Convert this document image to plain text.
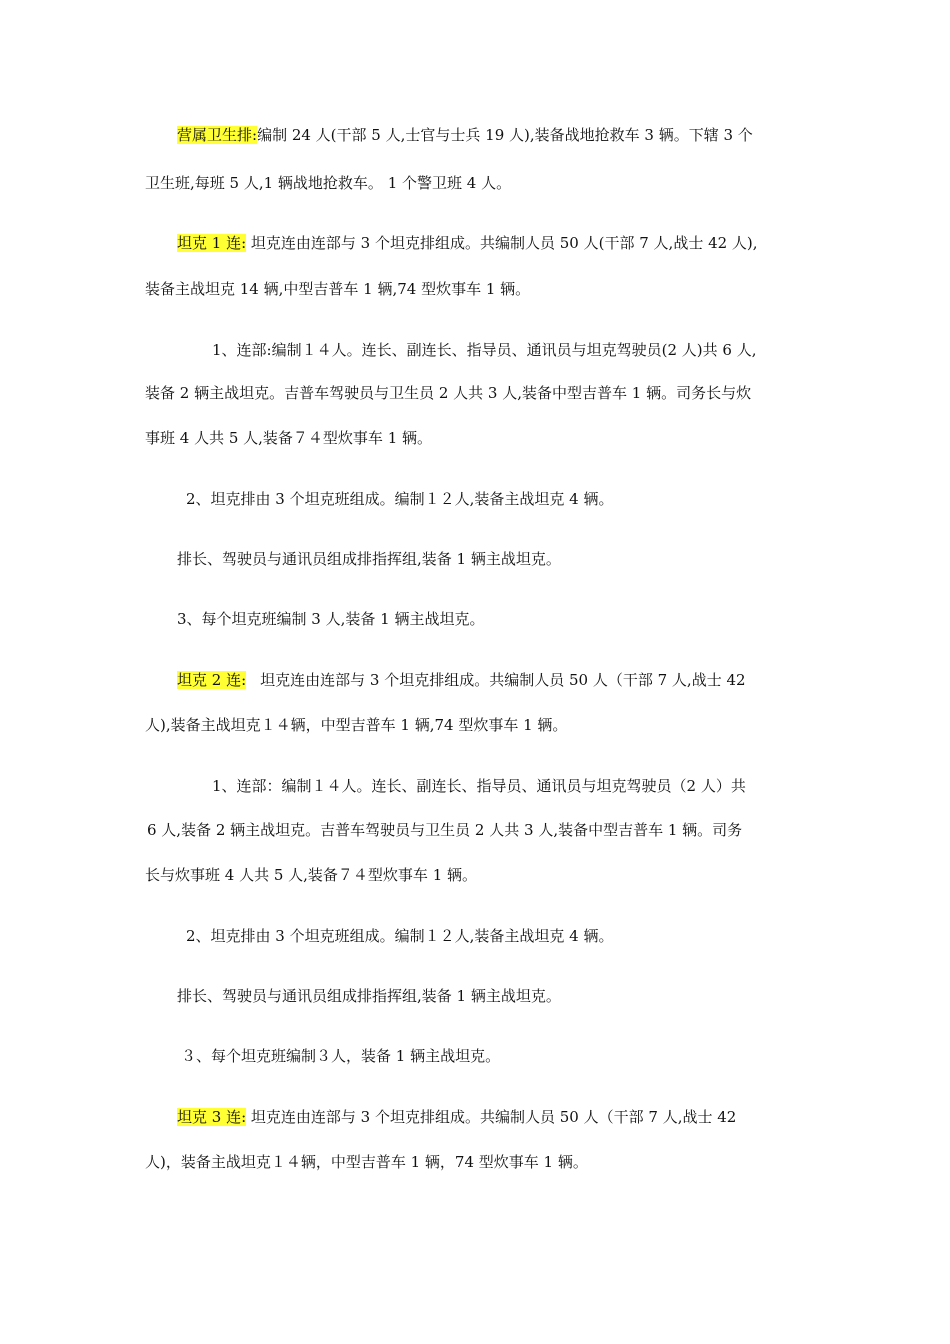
营属卫生排:编制 24 人(干部 5 人,士官与士兵 19 人),装备战地抢救车 3 辆。下辖 3 个
卫生班,每班 5 人,1 辆战地抢救车。 1 个警卫班 4 人。
坦克 1 连: 坦克连由连部与 3 个坦克排组成。共编制人员 50 人(干部 7 人,战士 42 人),
装备主战坦克 14 辆,中型吉普车 1 辆,74 型炊事车 1 辆。
1、连部:编制１４人。连长、副连长、指导员、通讯员与坦克驾驶员(2 人)共 6 人,
装备 2 辆主战坦克。吉普车驾驶员与卫生员 2 人共 3 人,装备中型吉普车 1 辆。司务长与炊
事班 4 人共 5 人,装备７４型炊事车 1 辆。
2、坦克排由 3 个坦克班组成。编制１２人,装备主战坦克 4 辆。
排长、驾驶员与通讯员组成排指挥组,装备 1 辆主战坦克。
3、每个坦克班编制 3 人,装备 1 辆主战坦克。
坦克 2 连: 坦克连由连部与 3 个坦克排组成。共编制人员 50 人（干部 7 人,战士 42
人),装备主战坦克１４辆，中型吉普车 1 辆,74 型炊事车 1 辆。
1、连部：编制１４人。连长、副连长、指导员、通讯员与坦克驾驶员（2 人）共
6 人,装备 2 辆主战坦克。吉普车驾驶员与卫生员 2 人共 3 人,装备中型吉普车 1 辆。司务
长与炊事班 4 人共 5 人,装备７４型炊事车 1 辆。
2、坦克排由 3 个坦克班组成。编制１２人,装备主战坦克 4 辆。
排长、驾驶员与通讯员组成排指挥组,装备 1 辆主战坦克。
３、每个坦克班编制３人，装备 1 辆主战坦克。
坦克 3 连: 坦克连由连部与 3 个坦克排组成。共编制人员 50 人（干部 7 人,战士 42
人)，装备主战坦克１４辆，中型吉普车 1 辆，74 型炊事车 1 辆。
